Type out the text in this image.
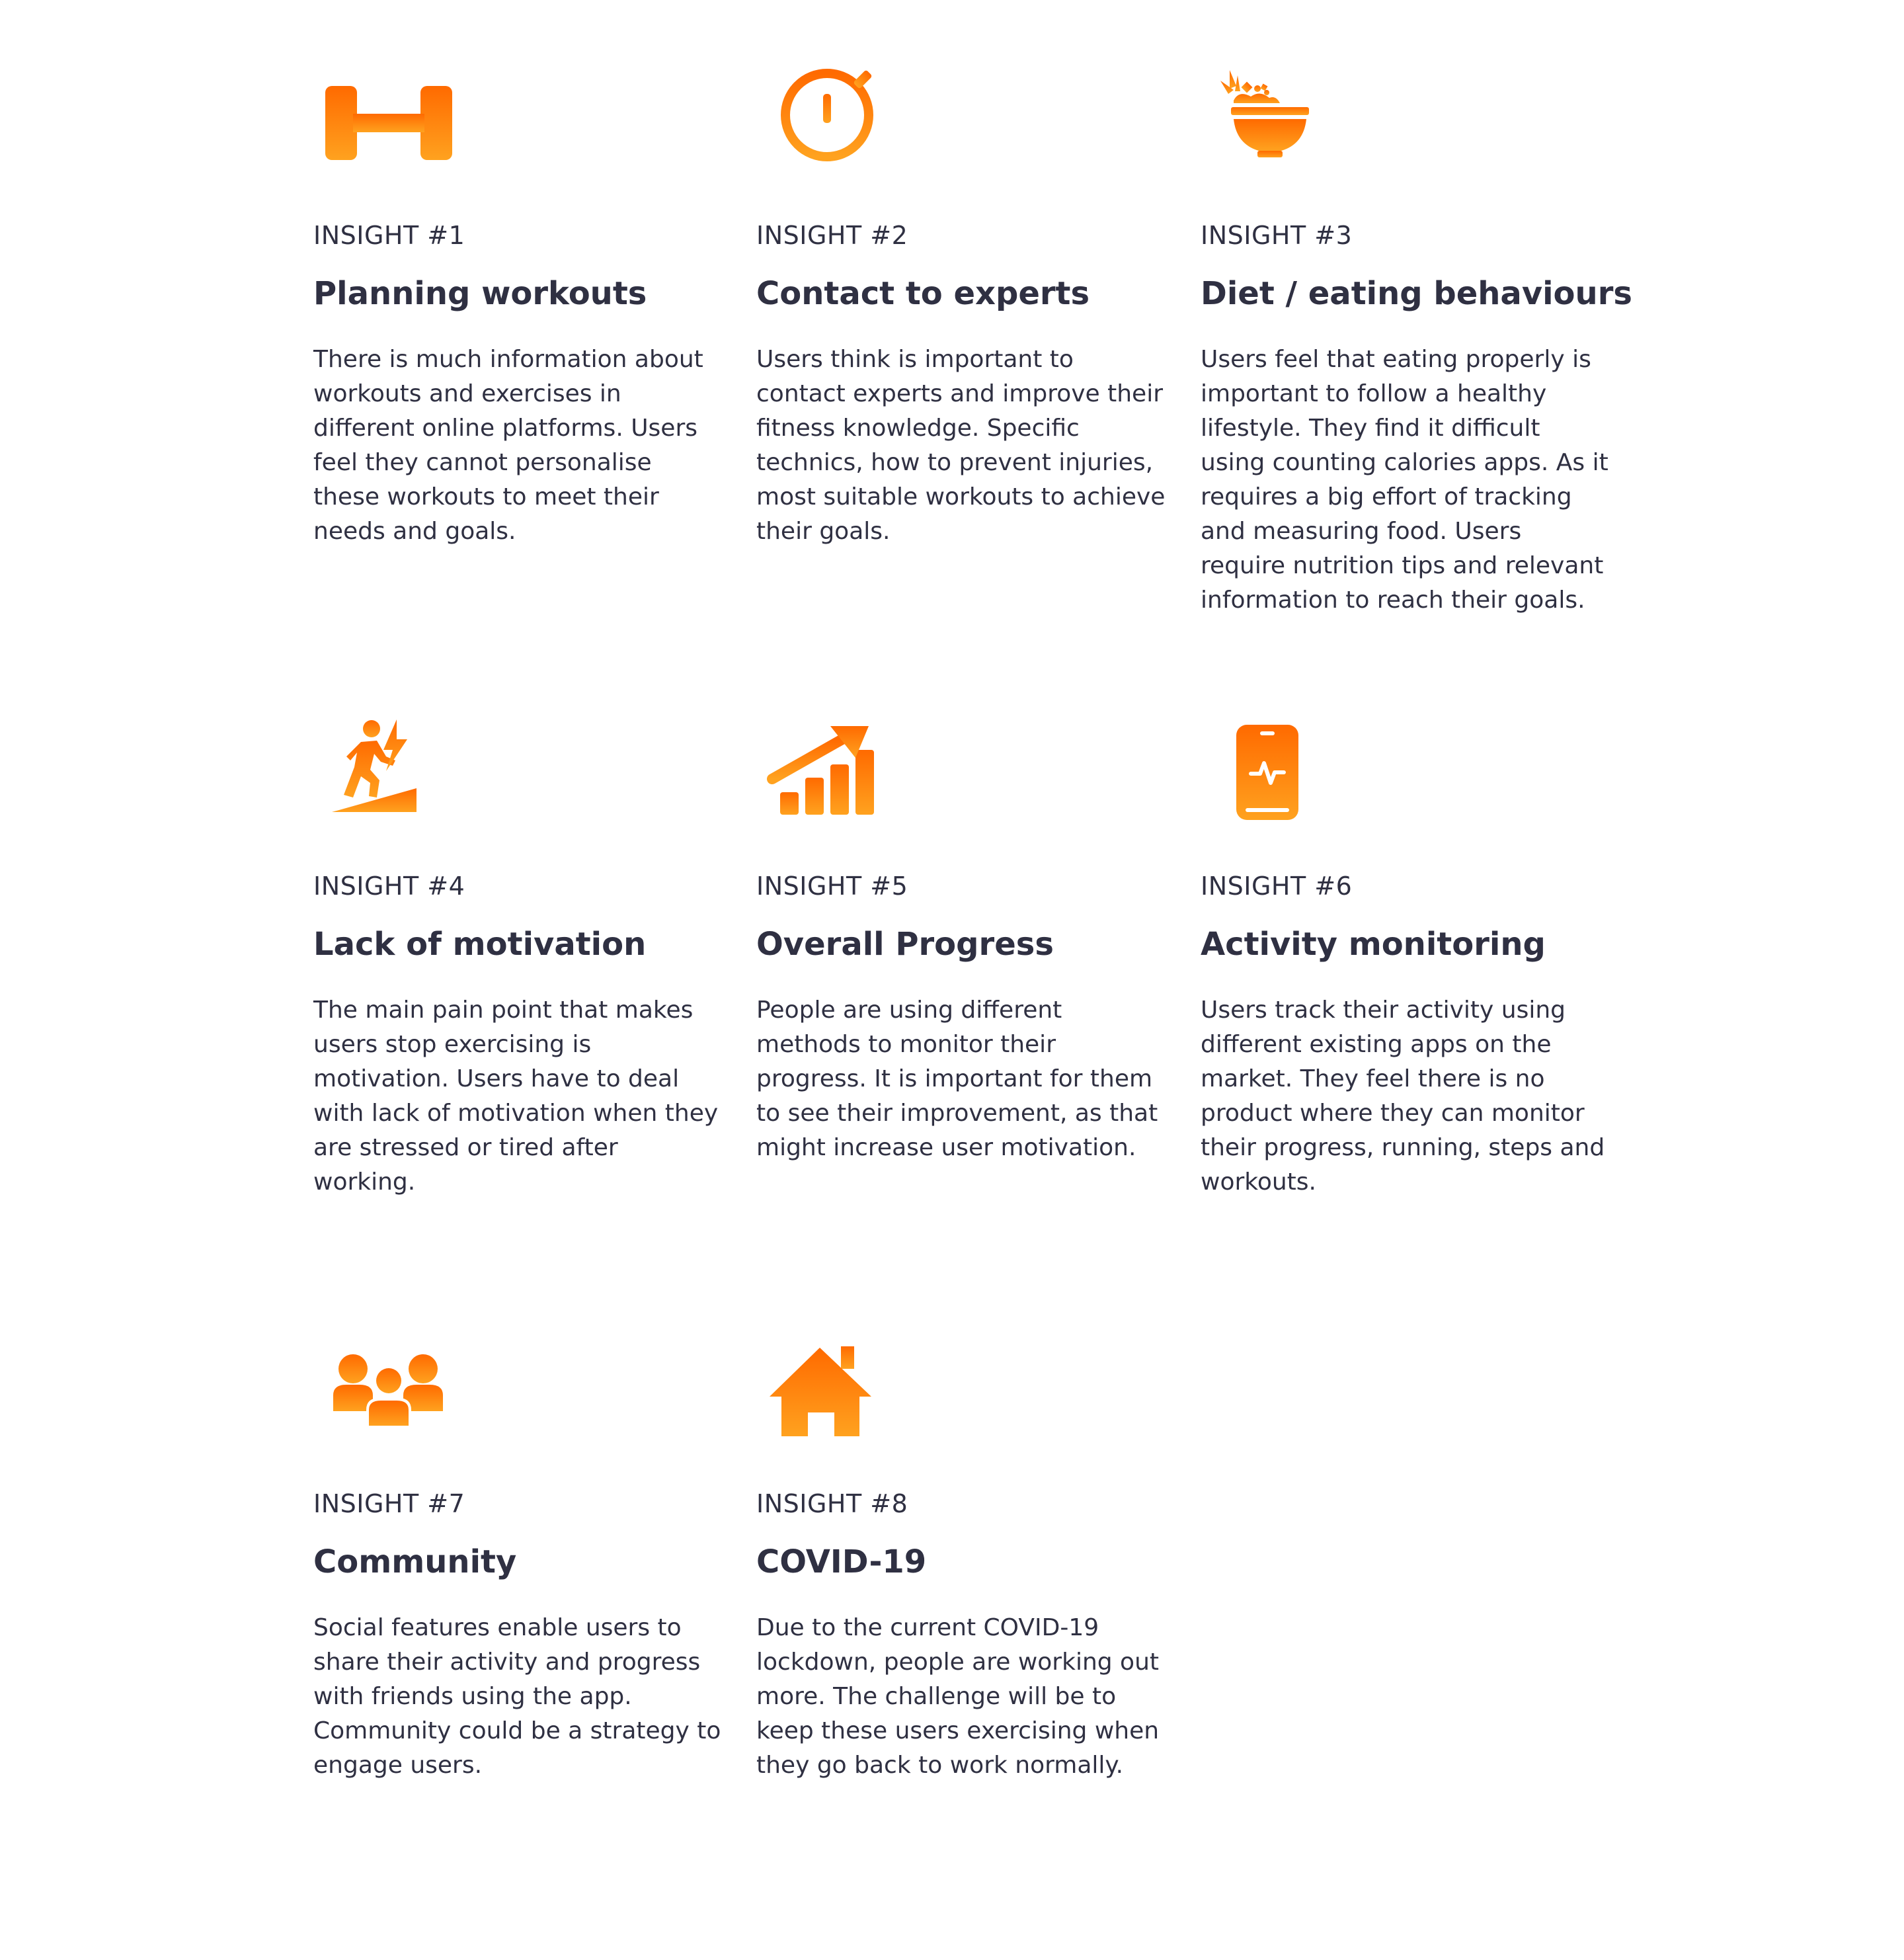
INSIGHT #1
Planning workouts

There is much information about workouts and exercises in different online platforms. Users feel they cannot personalise these workouts to meet their needs and goals.

INSIGHT #2
Contact to experts

Users think is important to contact experts and improve their fitness knowledge. Specific technics, how to prevent injuries, most suitable workouts to achieve their goals.

INSIGHT #3
Diet / eating behaviours

Users feel that eating properly is important to follow a healthy lifestyle. They find it difficult using counting calories apps. As it requires a big effort of tracking and measuring food. Users require nutrition tips and relevant information to reach their goals.

INSIGHT #4
Lack of motivation

The main pain point that makes users stop exercising is motivation. Users have to deal with lack of motivation when they are stressed or tired after working.

INSIGHT #5
Overall Progress

People are using different methods to monitor their progress. It is important for them to see their improvement, as that might increase user motivation.

INSIGHT #6
Activity monitoring

Users track their activity using different existing apps on the market. They feel there is no product where they can monitor their progress, running, steps and workouts.

INSIGHT #7
Community

Social features enable users to share their activity and progress with friends using the app. Community could be a strategy to engage users.

INSIGHT #8
COVID-19

Due to the current COVID-19 lockdown, people are working out more. The challenge will be to keep these users exercising when they go back to work normally.
